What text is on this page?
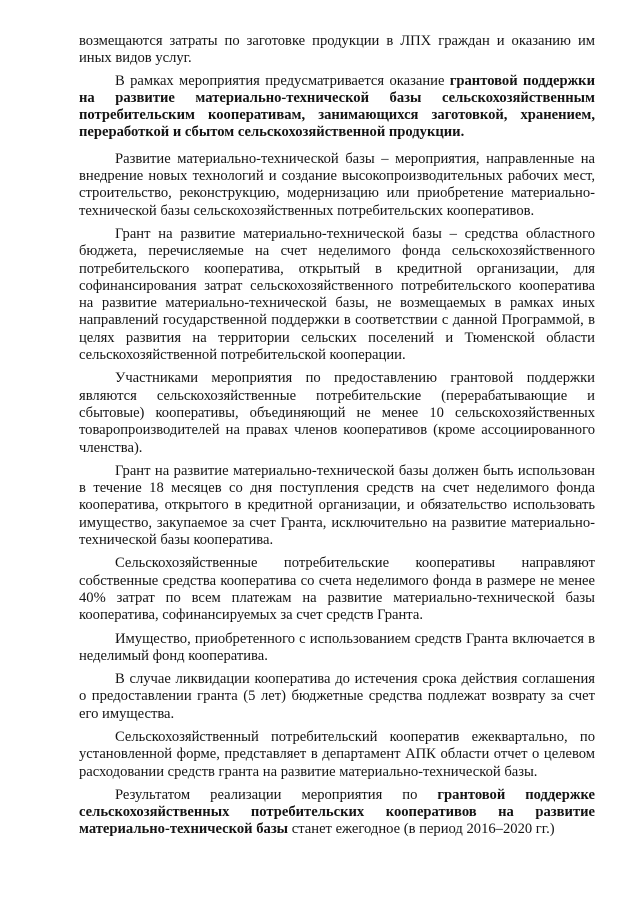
возмещаются затраты по заготовке продукции в ЛПХ граждан и оказанию им иных видов услуг.

В рамках мероприятия предусматривается оказание грантовой поддержки на развитие материально-технической базы сельскохозяйственным потребительским кооперативам, занимающихся заготовкой, хранением, переработкой и сбытом сельскохозяйственной продукции.

Развитие материально-технической базы – мероприятия, направленные на внедрение новых технологий и создание высокопроизводительных рабочих мест, строительство, реконструкцию, модернизацию или приобретение материально-технической базы сельскохозяйственных потребительских кооперативов.

Грант на развитие материально-технической базы – средства областного бюджета, перечисляемые на счет неделимого фонда сельскохозяйственного потребительского кооператива, открытый в кредитной организации, для софинансирования затрат сельскохозяйственного потребительского кооператива на развитие материально-технической базы, не возмещаемых в рамках иных направлений государственной поддержки в соответствии с данной Программой, в целях развития на территории сельских поселений и Тюменской области сельскохозяйственной потребительской кооперации.

Участниками мероприятия по предоставлению грантовой поддержки являются сельскохозяйственные потребительские (перерабатывающие и сбытовые) кооперативы, объединяющий не менее 10 сельскохозяйственных товаропроизводителей на правах членов кооперативов (кроме ассоциированного членства).

Грант на развитие материально-технической базы должен быть использован в течение 18 месяцев со дня поступления средств на счет неделимого фонда кооператива, открытого в кредитной организации, и обязательство использовать имущество, закупаемое за счет Гранта, исключительно на развитие материально-технической базы кооператива.

Сельскохозяйственные потребительские кооперативы направляют собственные средства кооператива со счета неделимого фонда в размере не менее 40% затрат по всем платежам на развитие материально-технической базы кооператива, софинансируемых за счет средств Гранта.

Имущество, приобретенного с использованием средств Гранта включается в неделимый фонд кооператива.

В случае ликвидации кооператива до истечения срока действия соглашения о предоставлении гранта (5 лет) бюджетные средства подлежат возврату за счет его имущества.

Сельскохозяйственный потребительский кооператив ежеквартально, по установленной форме, представляет в департамент АПК области отчет о целевом расходовании средств гранта на развитие материально-технической базы.

Результатом реализации мероприятия по грантовой поддержке сельскохозяйственных потребительских кооперативов на развитие материально-технической базы станет ежегодное (в период 2016–2020 гг.)
